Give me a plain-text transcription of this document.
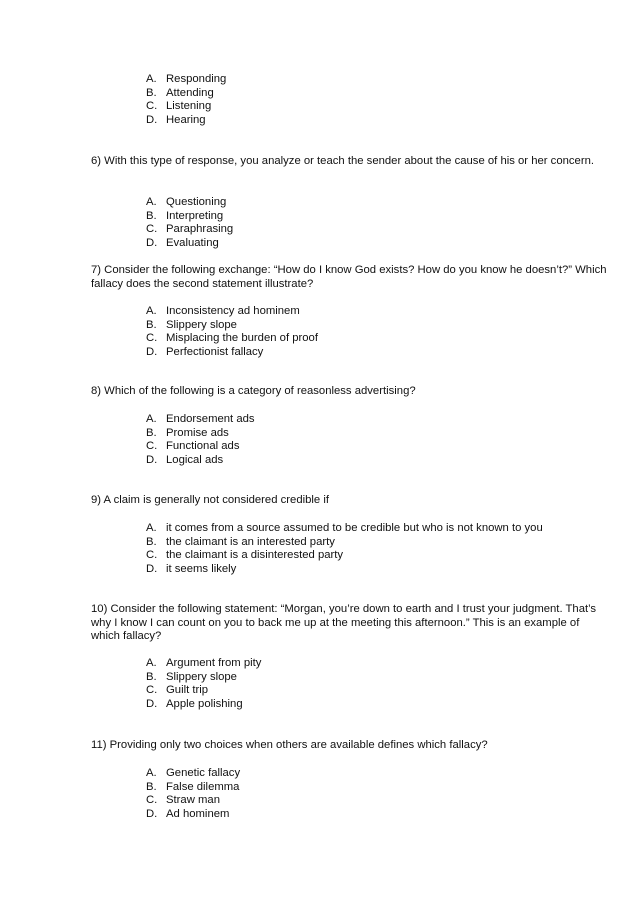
A. Responding
B. Attending
C. Listening
D. Hearing

6) With this type of response, you analyze or teach the sender about the cause of his or her concern.

A. Questioning
B. Interpreting
C. Paraphrasing
D. Evaluating

7) Consider the following exchange: “How do I know God exists? How do you know he doesn’t?” Which fallacy does the second statement illustrate?

A. Inconsistency ad hominem
B. Slippery slope
C. Misplacing the burden of proof
D. Perfectionist fallacy

8) Which of the following is a category of reasonless advertising?

A. Endorsement ads
B. Promise ads
C. Functional ads
D. Logical ads

9) A claim is generally not considered credible if

A. it comes from a source assumed to be credible but who is not known to you
B. the claimant is an interested party
C. the claimant is a disinterested party
D. it seems likely

10) Consider the following statement: “Morgan, you’re down to earth and I trust your judgment. That’s why I know I can count on you to back me up at the meeting this afternoon.” This is an example of which fallacy?

A. Argument from pity
B. Slippery slope
C. Guilt trip
D. Apple polishing

11) Providing only two choices when others are available defines which fallacy?

A. Genetic fallacy
B. False dilemma
C. Straw man
D. Ad hominem
